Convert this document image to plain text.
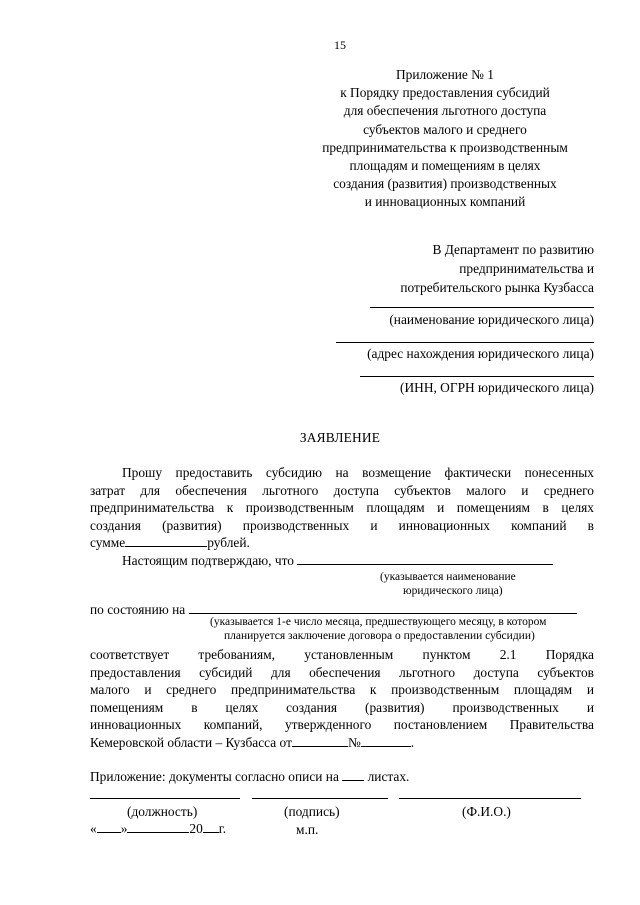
15
Приложение № 1
к Порядку предоставления субсидий
для обеспечения льготного доступа
субъектов малого и среднего
предпринимательства к производственным
площадям и помещениям в целях
создания (развития) производственных
и инновационных компаний
В Департамент по развитию
предпринимательства и
потребительского рынка Кузбасса
(наименование юридического лица)
(адрес нахождения юридического лица)
(ИНН, ОГРН юридического лица)
ЗАЯВЛЕНИЕ
Прошу предоставить субсидию на возмещение фактически понесенных
затрат для обеспечения льготного доступа субъектов малого и среднего
предпринимательства к производственным площадям и помещениям в целях
создания (развития) производственных и инновационных компаний в
сумме	рублей.
Настоящим подтверждаю, что
(указывается наименование
юридического лица)
по состоянию на
(указывается 1-е число месяца, предшествующего месяцу, в котором
планируется заключение договора о предоставлении субсидии)
соответствует требованиям, установленным пунктом 2.1 Порядка
предоставления субсидий для обеспечения льготного доступа субъектов
малого и среднего предпринимательства к производственным площадям и
помещениям в целях создания (развития) производственных и
инновационных компаний, утвержденного постановлением Правительства
Кемеровской области – Кузбасса от	№	.
Приложение: документы согласно описи на листах.
(должность)	(подпись)	(Ф.И.О.)
« »	20 г.	м.п.
